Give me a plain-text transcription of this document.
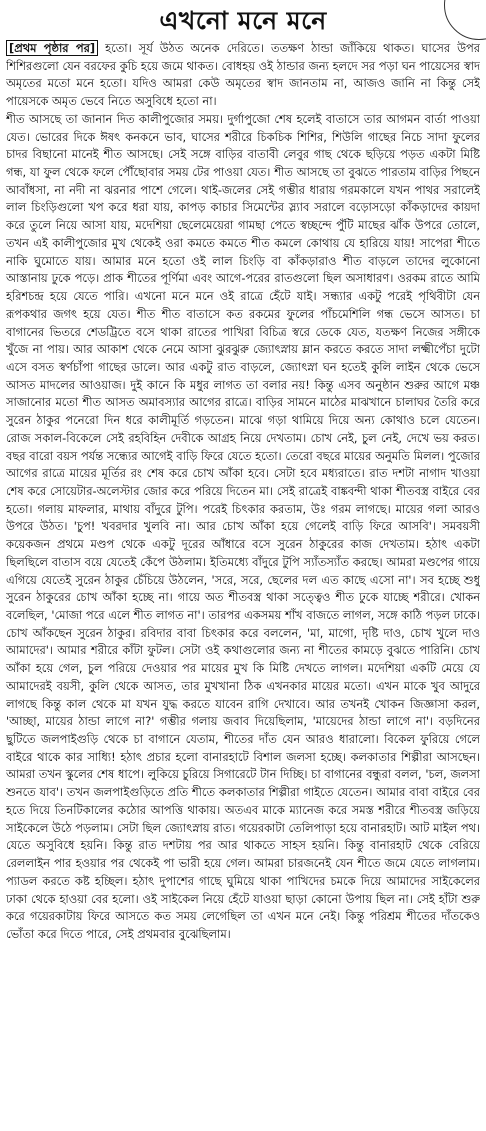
এখনো মনে মনে

[প্রথম পৃষ্ঠার পর] হতো। সূর্য উঠত অনেক দেরিতে। ততক্ষণ ঠান্ডা জাঁকিয়ে থাকত। ঘাসের উপর শিশিরগুলো যেন বরফের কুচি হয়ে জমে থাকত। বোধহয় ওই ঠান্ডার জন্য হলদে সর পড়া ঘন পায়েসের স্বাদ অমৃতের মতো মনে হতো। যদিও আমরা কেউ অমৃতের স্বাদ জানতাম না, আজও জানি না কিন্তু সেই পায়েসকে অমৃত ভেবে নিতে অসুবিধে হতো না।

শীত আসছে তা জানান দিত কালীপুজোর সময়। দুর্গাপুজো শেষ হলেই বাতাসে তার আগমন বার্তা পাওয়া যেত। ভোরের দিকে ঈষৎ কনকনে ভাব, ঘাসের শরীরে চিকচিক শিশির, শিউলি গাছের নিচে সাদা ফুলের চাদর বিছানো মানেই শীত আসছে। সেই সঙ্গে বাড়ির বাতাবী লেবুর গাছ থেকে ছড়িয়ে পড়ত একটা মিষ্টি গন্ধ, যা ফুল থেকে ফলে পৌঁছোবার সময় টের পাওয়া যেত। শীত আসছে তা বুঝতে পারতাম বাড়ির পিছনে আবাঁধসা, না নদী না ঝরনার পাশে গেলে। থাই-জলের সেই গম্ভীর ধারায় গরমকালে যখন পাথর সরালেই লাল চিংড়িগুলো খপ করে ধরা যায়, কাপড় কাচার সিমেন্টের স্ল্যাব সরালে বড়োসড়ো কাঁকড়াদের কায়দা করে তুলে নিয়ে আসা যায়, মদেশিয়া ছেলেমেয়েরা গামছা পেতে স্বচ্ছন্দে পুঁটি মাছের ঝাঁক উপরে তোলে, তখন এই কালীপুজোর মুখ থেকেই ওরা কমতে কমতে শীত কমলে কোথায় যে হারিয়ে যায়! সাপেরা শীতে নাকি ঘুমোতে যায়। আমার মনে হতো ওই লাল চিংড়ি বা কাঁকড়ারাও শীত বাড়লে তাদের লুকোনো আস্তানায় ঢুকে পড়ে। প্রাক শীতের পূর্ণিমা এবং আগে-পরের রাতগুলো ছিল অসাধারণ। ওরকম রাতে আমি হরিশচন্দ্র হয়ে যেতে পারি। এখনো মনে মনে ওই রাত্রে হেঁটে যাই। সন্ধ্যার একটু পরেই পৃথিবীটা যেন রূপকথার জগৎ হয়ে যেত। শীত শীত বাতাসে কত রকমের ফুলের পাঁচমেশিলি গন্ধ ভেসে আসত। চা বাগানের ভিতরে শেডট্রিতে বসে থাকা রাতের পাখিরা বিচিত্র স্বরে ডেকে যেত, যতক্ষণ নিজের সঙ্গীকে খুঁজে না পায়। আর আকাশ থেকে নেমে আসা ঝুরঝুরু জ্যোৎস্নায় ম্লান করতে করতে সাদা লক্ষ্মীপেঁচা দুটো এসে বসত স্বর্ণচাঁপা গাছের ডালে। আর একটু রাত বাড়লে, জ্যোৎস্না ঘন হতেই কুলি লাইন থেকে ভেসে আসত মাদলের আওয়াজ। দুই কানে কি মধুর লাগত তা বলার নয়! কিন্তু এসব অনুষ্ঠান শুরুর আগে মঞ্চ সাজানোর মতো শীত আসত অমাবস্যার আগের রাত্রে। বাড়ির সামনে মাঠের মাঝখানে চালাঘর তৈরি করে সুরেন ঠাকুর পনেরো দিন ধরে কালীমূর্তি গড়তেন। মাঝে গড়া থামিয়ে দিয়ে অন্য কোথাও চলে যেতেন। রোজ সকাল-বিকেলে সেই রহবিহিন দেবীকে আগ্রহ নিয়ে দেখতাম। চোখ নেই, চুল নেই, দেখে ভয় করত। বছর বারো বয়স পর্যন্ত সন্ধ্যের আগেই বাড়ি ফিরে যেতে হতো। তেরো বছরে মায়ের অনুমতি মিলল। পুজোর আগের রাত্রে মায়ের মূর্তির রং শেষ করে চোখ আঁকা হবে। সেটা হবে মধ্যরাতে। রাত দশটা নাগাদ খাওয়া শেষ করে সোয়েটার-অলেস্টার জোর করে পরিয়ে দিতেন মা। সেই রাত্রেই বাঙ্কবন্দী থাকা শীতবস্ত্র বাইরে বের হতো। গলায় মাফলার, মাথায় বাঁদুরে টুপি। পরেই চিৎকার করতাম, উঃ গরম লাগছে। মায়ের গলা আরও উপরে উঠত। 'চুপ! খবরদার খুলবি না। আর চোখ আঁকা হয়ে গেলেই বাড়ি ফিরে আসবি'। সমবয়সী কয়েকজন প্রথমে মণ্ডপ থেকে একটু দূরের আঁধারে বসে সুরেন ঠাকুরের কাজ দেখতাম। হঠাৎ একটা ছিলছিলে বাতাস বয়ে যেতেই কেঁপে উঠলাম। ইতিমধ্যে বাঁদুরে টুপি স্যাঁতস্যাঁত করছে। আমরা মণ্ডপের গায়ে এগিয়ে যেতেই সুরেন ঠাকুর চেঁচিয়ে উঠলেন, 'সরে, সরে, ছেলের দল এত কাছে এসো না'। সব হচ্ছে শুধু সুরেন ঠাকুরের চোখ আঁকা হচ্ছে না। গায়ে অত শীতবস্ত্র থাকা সত্ত্বেও শীত ঢুকে যাচ্ছে শরীরে। খোকন বলেছিল, 'মোজা পরে এলে শীত লাগত না'। তারপর একসময় শাঁখ বাজতে লাগল, সঙ্গে কাঠি পড়ল ঢাকে। চোখ আঁকছেন সুরেন ঠাকুর। রবিদার বাবা চিৎকার করে বললেন, 'মা, মাগো, দৃষ্টি দাও, চোখ খুলে দাও আমাদের'। আমার শরীরে কাঁটা ফুটল। সেটা ওই কথাগুলোর জন্য না শীতের কামড়ে বুঝতে পারিনি। চোখ আঁকা হয়ে গেল, চুল পরিয়ে দেওয়ার পর মায়ের মুখ কি মিষ্টি দেখতে লাগল। মদেশিয়া একটি মেয়ে যে আমাদেরই বয়সী, কুলি থেকে আসত, তার মুখখানা ঠিক এখনকার মায়ের মতো। এখন মাকে খুব আদুরে লাগছে কিন্তু কাল থেকে মা যখন যুদ্ধ করতে যাবেন রাগি দেখাবে। আর তখনই খোকন জিজ্ঞাসা করল, 'আচ্ছা, মায়ের ঠান্ডা লাগে না?' গম্ভীর গলায় জবাব দিয়েছিলাম, 'মায়েদের ঠান্ডা লাগে না'। বড়দিনের ছুটিতে জলপাইগুড়ি থেকে চা বাগানে যেতাম, শীতের দাঁত যেন আরও ধারালো। বিকেল ফুরিয়ে গেলে বাইরে থাকে কার সাধ্যি! হঠাৎ প্রচার হলো বানারহাটে বিশাল জলসা হচ্ছে। কলকাতার শিল্পীরা আসছেন। আমরা তখন স্কুলের শেষ ধাপে। লুকিয়ে চুরিয়ে সিগারেটে টান দিচ্ছি। চা বাগানের বন্ধুরা বলল, 'চল, জলসা শুনতে যাব'। তখন জলপাইগুড়িতে প্রতি শীতে কলকাতার শিল্পীরা গাইতে যেতেন। আমার বাবা বাইরে বের হতে দিয়ে তিনটিকালের কঠোর আপত্তি থাকায়। অতএব মাকে ম্যানেজ করে সমস্ত শরীরে শীতবস্ত্র জড়িয়ে সাইকেলে উঠে পড়লাম। সেটা ছিল জ্যোৎস্নায় রাত। গয়েরকাটা তেলিপাড়া হয়ে বানারহাট। আট মাইল পথ। যেতে অসুবিধে হয়নি। কিন্তু রাত দশটায় পর আর থাকতে সাহস হয়নি। কিন্তু বানারহাট থেকে বেরিয়ে রেললাইন পার হওয়ার পর থেকেই পা ভারী হয়ে গেল। আমরা চারজনেই যেন শীতে জমে যেতে লাগলাম। প্যাডল করতে কষ্ট হচ্ছিল। হঠাৎ দুপাশের গাছে ঘুমিয়ে থাকা পাখিদের চমকে দিয়ে আমাদের সাইকেলের ঢাকা থেকে হাওয়া বের হলো। ওই সাইকেল নিয়ে হেঁটে যাওয়া ছাড়া কোনো উপায় ছিল না। সেই হাঁটা শুরু করে গয়েরকাটায় ফিরে আসতে কত সময় লেগেছিল তা এখন মনে নেই। কিন্তু পরিশ্রম শীতের দাঁতকেও ভোঁতা করে দিতে পারে, সেই প্রথমবার বুঝেছিলাম।
